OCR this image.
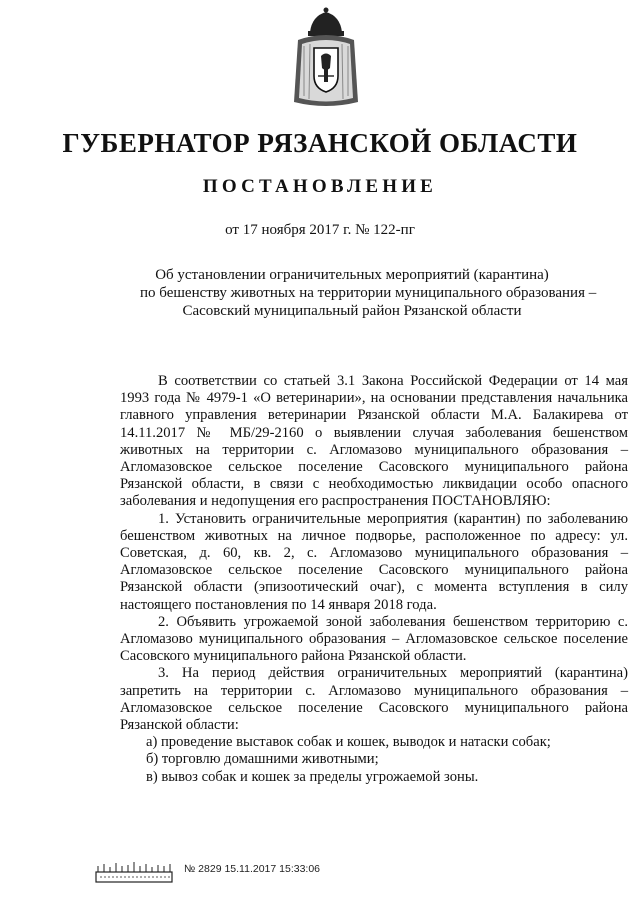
ГУБЕРНАТОР РЯЗАНСКОЙ ОБЛАСТИ
ПОСТАНОВЛЕНИЕ
от 17 ноября 2017 г. № 122-пг
Об установлении ограничительных мероприятий (карантина)
по бешенству животных на территории муниципального образования –
Сасовский муниципальный район Рязанской области

В соответствии со статьей 3.1 Закона Российской Федерации от 14 мая 1993 года № 4979-1 «О ветеринарии», на основании представления начальника главного управления ветеринарии Рязанской области М.А. Балакирева от 14.11.2017 № МБ/29-2160 о выявлении случая заболевания бешенством животных на территории с. Агломазово муниципального образования – Агломазовское сельское поселение Сасовского муниципального района Рязанской области, в связи с необходимостью ликвидации особо опасного заболевания и недопущения его распространения ПОСТАНОВЛЯЮ:

1. Установить ограничительные мероприятия (карантин) по заболеванию бешенством животных на личное подворье, расположенное по адресу: ул. Советская, д. 60, кв. 2, с. Агломазово муниципального образования – Агломазовское сельское поселение Сасовского муниципального района Рязанской области (эпизоотический очаг), с момента вступления в силу настоящего постановления по 14 января 2018 года.

2. Объявить угрожаемой зоной заболевания бешенством территорию с. Агломазово муниципального образования – Агломазовское сельское поселение Сасовского муниципального района Рязанской области.

3. На период действия ограничительных мероприятий (карантина) запретить на территории с. Агломазово муниципального образования – Агломазовское сельское поселение Сасовского муниципального района Рязанской области:

а) проведение выставок собак и кошек, выводок и натаски собак;

б) торговлю домашними животными;

в) вывоз собак и кошек за пределы угрожаемой зоны.

№ 2829 15.11.2017 15:33:06
